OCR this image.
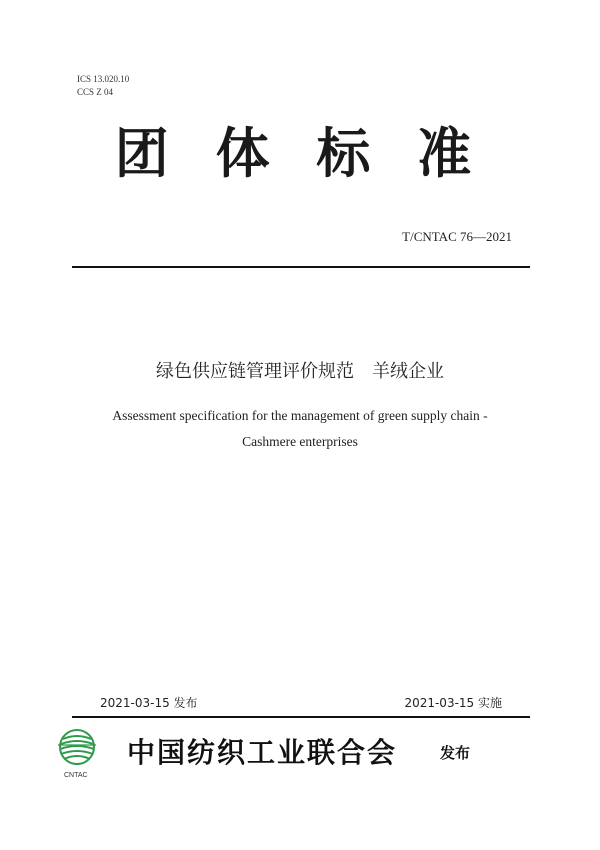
ICS 13.020.10
CCS Z 04
团 体 标 准
T/CNTAC 76—2021
绿色供应链管理评价规范　羊绒企业
Assessment specification for the management of green supply chain -
Cashmere enterprises
2021-03-15 发布	2021-03-15 实施
CNTAC
中国纺织工业联合会	发布
